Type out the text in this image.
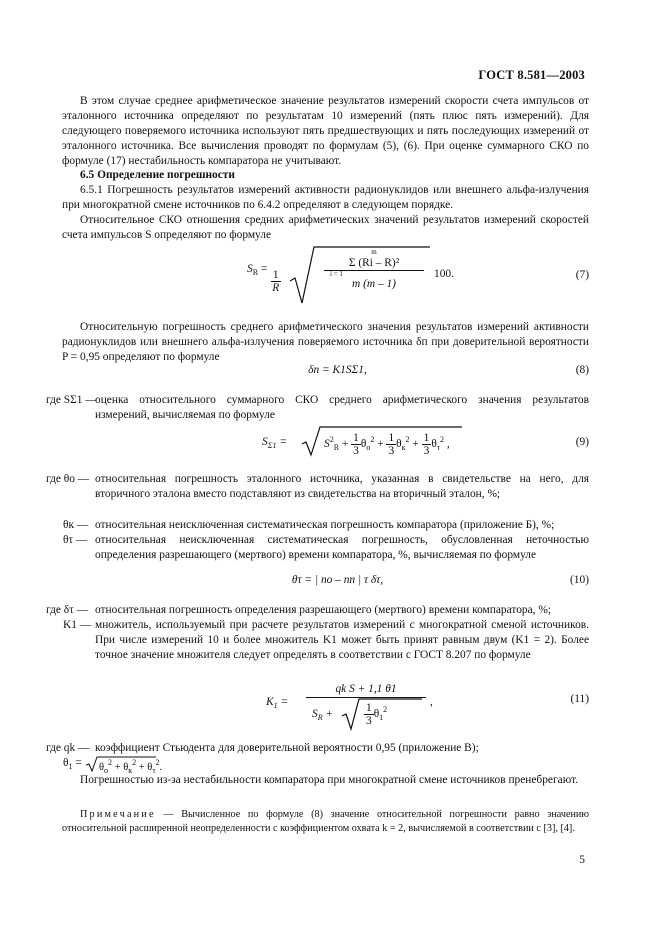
ГОСТ 8.581—2003

В этом случае среднее арифметическое значение результатов измерений скорости счета импульсов от эталонного источника определяют по результатам 10 измерений (пять плюс пять измерений). Для следующего поверяемого источника используют пять предшествующих и пять последующих измерений от эталонного источника. Все вычисления проводят по формулам (5), (6). При оценке суммарного СКО по формуле (17) нестабильность компаратора не учитывают.

6.5 Определение погрешности

6.5.1 Погрешность результатов измерений активности радионуклидов или внешнего альфа-излучения при многократной смене источников по 6.4.2 определяют в следующем порядке.

Относительное СКО отношения средних арифметических значений результатов измерений скоростей счета импульсов S определяют по формуле

$S_R = \frac{1}{R}$
m
Σ (Ri – R)²
i = 1
m (m – 1)
100.	(7)

Относительную погрешность среднего арифметического значения результатов измерений активности радионуклидов или внешнего альфа-излучения поверяемого источника δп при доверительной вероятности P = 0,95 определяют по формуле

δп = K1SΣ1,	(8)
где SΣ1 —
оценка относительного суммарного СКО среднего арифметического значения результатов измерений, вычисляемая по формуле
$S_{\Sigma 1}$ =	$S^2_R + \frac{1}{3} \theta_о^2 + \frac{1}{3} \theta_к^2 + \frac{1}{3} \theta_\tau^2$ ,	(9)
где θо — относительная погрешность эталонного источника, указанная в свидетельстве на него, для вторичного эталона вместо подставляют из свидетельства на вторичный эталон, %;
θк — относительная неисключенная систематическая погрешность компаратора (приложение Б), %;
θτ — относительная неисключенная систематическая погрешность, обусловленная неточностью определения разрешающего (мертвого) времени компаратора, %, вычисляемая по формуле
θτ = | nо – nп | τ δτ,	(10)
где δτ — относительная погрешность определения разрешающего (мертвого) времени компаратора, %;
K1 — множитель, используемый при расчете результатов измерений с многократной сменой источников. При числе измерений 10 и более множитель K1 может быть принят равным двум (K1 = 2). Более точное значение множителя следует определять в соответствии с ГОСТ 8.207 по формуле
$K_1$ =
qk S + 1,1 θ1
$S_R$ +	$\frac{1}{3} \theta_1^2$
,	(11)
где qk — коэффициент Стьюдента для доверительной вероятности 0,95 (приложение В);
$\theta_1 = \theta_о^2 + \theta_к^2 + \theta_\tau^2$.

Погрешностью из-за нестабильности компаратора при многократной смене источников пренебрегают.

Примечание — Вычисленное по формуле (8) значение относительной погрешности равно значению относительной расширенной неопределенности с коэффициентом охвата k = 2, вычисляемой в соответствии с [3], [4].
5
